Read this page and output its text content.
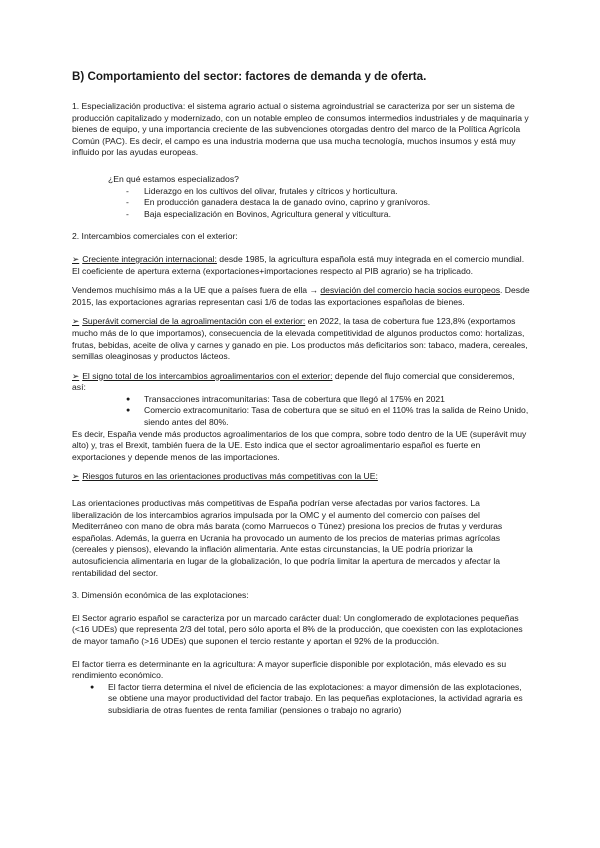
B) Comportamiento del sector: factores de demanda y de oferta.

1. Especialización productiva: el sistema agrario actual o sistema agroindustrial se caracteriza por ser un sistema de producción capitalizado y modernizado, con un notable empleo de consumos intermedios industriales y de maquinaria y bienes de equipo, y una importancia creciente de las subvenciones otorgadas dentro del marco de la Política Agrícola Común (PAC). Es decir, el campo es una industria moderna que usa mucha tecnología, muchos insumos y está muy influido por las ayudas europeas.

¿En qué estamos especializados?

- Liderazgo en los cultivos del olivar, frutales y cítricos y horticultura.
- En producción ganadera destaca la de ganado ovino, caprino y granívoros.
- Baja especialización en Bovinos, Agricultura general y viticultura.

2. Intercambios comerciales con el exterior:

➢ Creciente integración internacional: desde 1985, la agricultura española está muy integrada en el comercio mundial. El coeficiente de apertura externa (exportaciones+importaciones respecto al PIB agrario) se ha triplicado.

Vendemos muchísimo más a la UE que a países fuera de ella → desviación del comercio hacia socios europeos. Desde 2015, las exportaciones agrarias representan casi 1/6 de todas las exportaciones españolas de bienes.

➢ Superávit comercial de la agroalimentación con el exterior: en 2022, la tasa de cobertura fue 123,8% (exportamos mucho más de lo que importamos), consecuencia de la elevada competitividad de algunos productos como: hortalizas, frutas, bebidas, aceite de oliva y carnes y ganado en pie. Los productos más deficitarios son: tabaco, madera, cereales, semillas oleaginosas y productos lácteos.

➢ El signo total de los intercambios agroalimentarios con el exterior: depende del flujo comercial que consideremos, así:

● Transacciones intracomunitarias: Tasa de cobertura que llegó al 175% en 2021
● Comercio extracomunitario: Tasa de cobertura que se situó en el 110% tras la salida de Reino Unido, siendo antes del 80%.

Es decir, España vende más productos agroalimentarios de los que compra, sobre todo dentro de la UE (superávit muy alto) y, tras el Brexit, también fuera de la UE. Esto indica que el sector agroalimentario español es fuerte en exportaciones y depende menos de las importaciones.

➢ Riesgos futuros en las orientaciones productivas más competitivas con la UE:

Las orientaciones productivas más competitivas de España podrían verse afectadas por varios factores. La liberalización de los intercambios agrarios impulsada por la OMC y el aumento del comercio con países del Mediterráneo con mano de obra más barata (como Marruecos o Túnez) presiona los precios de frutas y verduras españolas. Además, la guerra en Ucrania ha provocado un aumento de los precios de materias primas agrícolas (cereales y piensos), elevando la inflación alimentaria. Ante estas circunstancias, la UE podría priorizar la autosuficiencia alimentaria en lugar de la globalización, lo que podría limitar la apertura de mercados y afectar la rentabilidad del sector.

3. Dimensión económica de las explotaciones:

El Sector agrario español se caracteriza por un marcado carácter dual: Un conglomerado de explotaciones pequeñas (<16 UDEs) que representa 2/3 del total, pero sólo aporta el 8% de la producción, que coexisten con las explotaciones de mayor tamaño (>16 UDEs) que suponen el tercio restante y aportan el 92% de la producción.

El factor tierra es determinante en la agricultura: A mayor superficie disponible por explotación, más elevado es su rendimiento económico.

● El factor tierra determina el nivel de eficiencia de las explotaciones: a mayor dimensión de las explotaciones, se obtiene una mayor productividad del factor trabajo. En las pequeñas explotaciones, la actividad agraria es subsidiaria de otras fuentes de renta familiar (pensiones o trabajo no agrario)
